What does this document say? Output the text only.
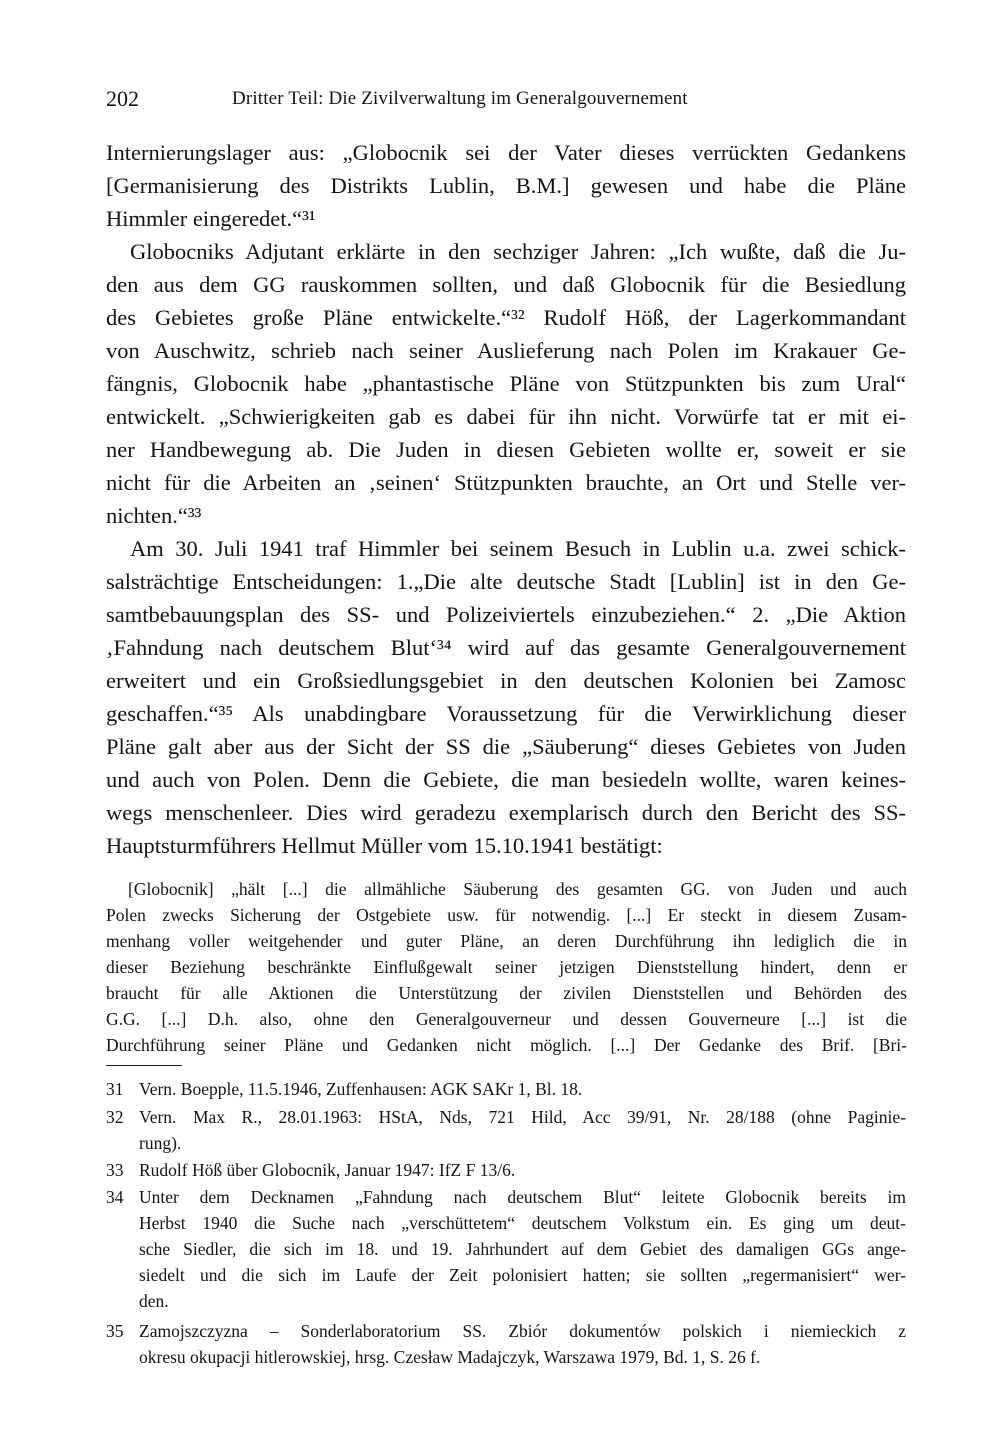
202	Dritter Teil: Die Zivilverwaltung im Generalgouvernement
Internierungslager aus: „Globocnik sei der Vater dieses verrückten Gedankens
[Germanisierung des Distrikts Lublin, B.M.] gewesen und habe die Pläne
Himmler eingeredet.“³¹
Globocniks Adjutant erklärte in den sechziger Jahren: „Ich wußte, daß die Ju-
den aus dem GG rauskommen sollten, und daß Globocnik für die Besiedlung
des Gebietes große Pläne entwickelte.“³² Rudolf Höß, der Lagerkommandant
von Auschwitz, schrieb nach seiner Auslieferung nach Polen im Krakauer Ge-
fängnis, Globocnik habe „phantastische Pläne von Stützpunkten bis zum Ural“
entwickelt. „Schwierigkeiten gab es dabei für ihn nicht. Vorwürfe tat er mit ei-
ner Handbewegung ab. Die Juden in diesen Gebieten wollte er, soweit er sie
nicht für die Arbeiten an ‚seinen‘ Stützpunkten brauchte, an Ort und Stelle ver-
nichten.“³³
Am 30. Juli 1941 traf Himmler bei seinem Besuch in Lublin u.a. zwei schick-
salsträchtige Entscheidungen: 1.„Die alte deutsche Stadt [Lublin] ist in den Ge-
samtbebauungsplan des SS- und Polizeiviertels einzubeziehen.“ 2. „Die Aktion
‚Fahndung nach deutschem Blut‘³⁴ wird auf das gesamte Generalgouvernement
erweitert und ein Großsiedlungsgebiet in den deutschen Kolonien bei Zamosc
geschaffen.“³⁵ Als unabdingbare Voraussetzung für die Verwirklichung dieser
Pläne galt aber aus der Sicht der SS die „Säuberung“ dieses Gebietes von Juden
und auch von Polen. Denn die Gebiete, die man besiedeln wollte, waren keines-
wegs menschenleer. Dies wird geradezu exemplarisch durch den Bericht des SS-
Hauptsturmführers Hellmut Müller vom 15.10.1941 bestätigt:
[Globocnik] „hält [...] die allmähliche Säuberung des gesamten GG. von Juden und auch
Polen zwecks Sicherung der Ostgebiete usw. für notwendig. [...] Er steckt in diesem Zusam-
menhang voller weitgehender und guter Pläne, an deren Durchführung ihn lediglich die in
dieser Beziehung beschränkte Einflußgewalt seiner jetzigen Dienststellung hindert, denn er
braucht für alle Aktionen die Unterstützung der zivilen Dienststellen und Behörden des
G.G. [...] D.h. also, ohne den Generalgouverneur und dessen Gouverneure [...] ist die
Durchführung seiner Pläne und Gedanken nicht möglich. [...] Der Gedanke des Brif. [Bri-
31 Vern. Boepple, 11.5.1946, Zuffenhausen: AGK SAKr 1, Bl. 18.
32 Vern. Max R., 28.01.1963: HStA, Nds, 721 Hild, Acc 39/91, Nr. 28/188 (ohne Paginie-
rung).
33 Rudolf Höß über Globocnik, Januar 1947: IfZ F 13/6.
34 Unter dem Decknamen „Fahndung nach deutschem Blut“ leitete Globocnik bereits im
Herbst 1940 die Suche nach „verschüttetem“ deutschem Volkstum ein. Es ging um deut-
sche Siedler, die sich im 18. und 19. Jahrhundert auf dem Gebiet des damaligen GGs ange-
siedelt und die sich im Laufe der Zeit polonisiert hatten; sie sollten „regermanisiert“ wer-
den.
35 Zamojszczyzna – Sonderlaboratorium SS. Zbiór dokumentów polskich i niemieckich z
okresu okupacji hitlerowskiej, hrsg. Czesław Madajczyk, Warszawa 1979, Bd. 1, S. 26 f.
